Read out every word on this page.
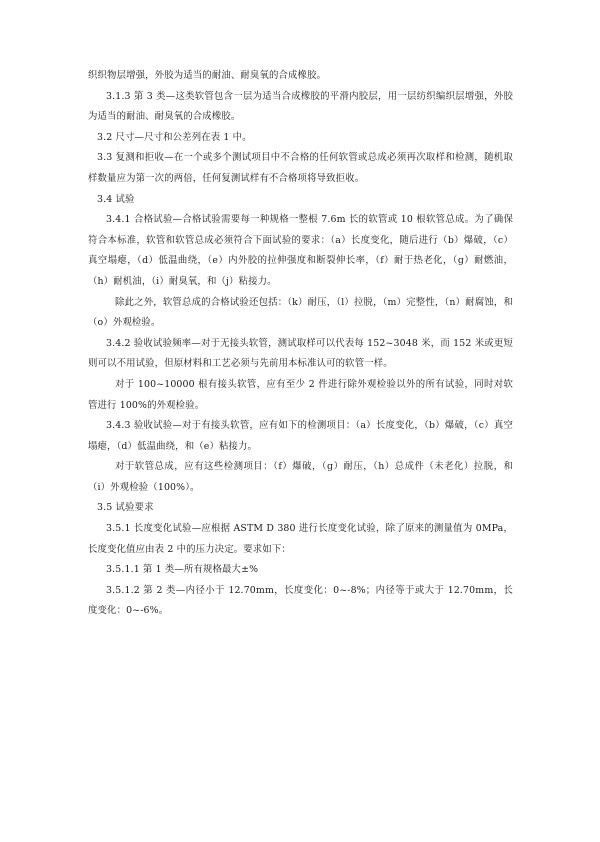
织织物层增强，外胶为适当的耐油、耐臭氧的合成橡胶。

3.1.3 第 3 类—这类软管包含一层为适当合成橡胶的平滑内胶层，用一层纺织编织层增强，外胶为适当的耐油、耐臭氧的合成橡胶。

3.2 尺寸—尺寸和公差列在表 1 中。

3.3 复测和拒收—在一个或多个测试项目中不合格的任何软管或总成必须再次取样和检测，随机取样数量应为第一次的两倍，任何复测试样有不合格项将导致拒收。

3.4 试验

3.4.1 合格试验—合格试验需要每一种规格一整根 7.6m 长的软管或 10 根软管总成。为了确保符合本标准，软管和软管总成必须符合下面试验的要求：（a）长度变化，随后进行（b）爆破，（c）真空塌瘪，（d）低温曲绕，（e）内外胶的拉伸强度和断裂伸长率，（f）耐于热老化，（g）耐燃油，（h）耐机油，（i）耐臭氧，和（j）粘接力。

除此之外，软管总成的合格试验还包括：（k）耐压，（l）拉脱，（m）完整性，（n）耐腐蚀，和（o）外观检验。

3.4.2 验收试验频率—对于无接头软管，测试取样可以代表每 152~3048 米，而 152 米或更短则可以不用试验，但原材料和工艺必须与先前用本标准认可的软管一样。

对于 100~10000 根有接头软管，应有至少 2 件进行除外观检验以外的所有试验，同时对软管进行 100%的外观检验。

3.4.3 验收试验—对于有接头软管，应有如下的检测项目：（a）长度变化，（b）爆破，（c）真空塌瘪，（d）低温曲绕，和（e）粘接力。

对于软管总成，应有这些检测项目：（f）爆破，（g）耐压，（h）总成件（未老化）拉脱，和（i）外观检验（100%）。

3.5 试验要求

3.5.1 长度变化试验—应根据 ASTM D 380 进行长度变化试验，除了原来的测量值为 0MPa，长度变化值应由表 2 中的压力决定。要求如下：

3.5.1.1 第 1 类—所有规格最大±%

3.5.1.2 第 2 类—内径小于 12.70mm，长度变化：0~-8%；内径等于或大于 12.70mm，长度变化：0~-6%。
